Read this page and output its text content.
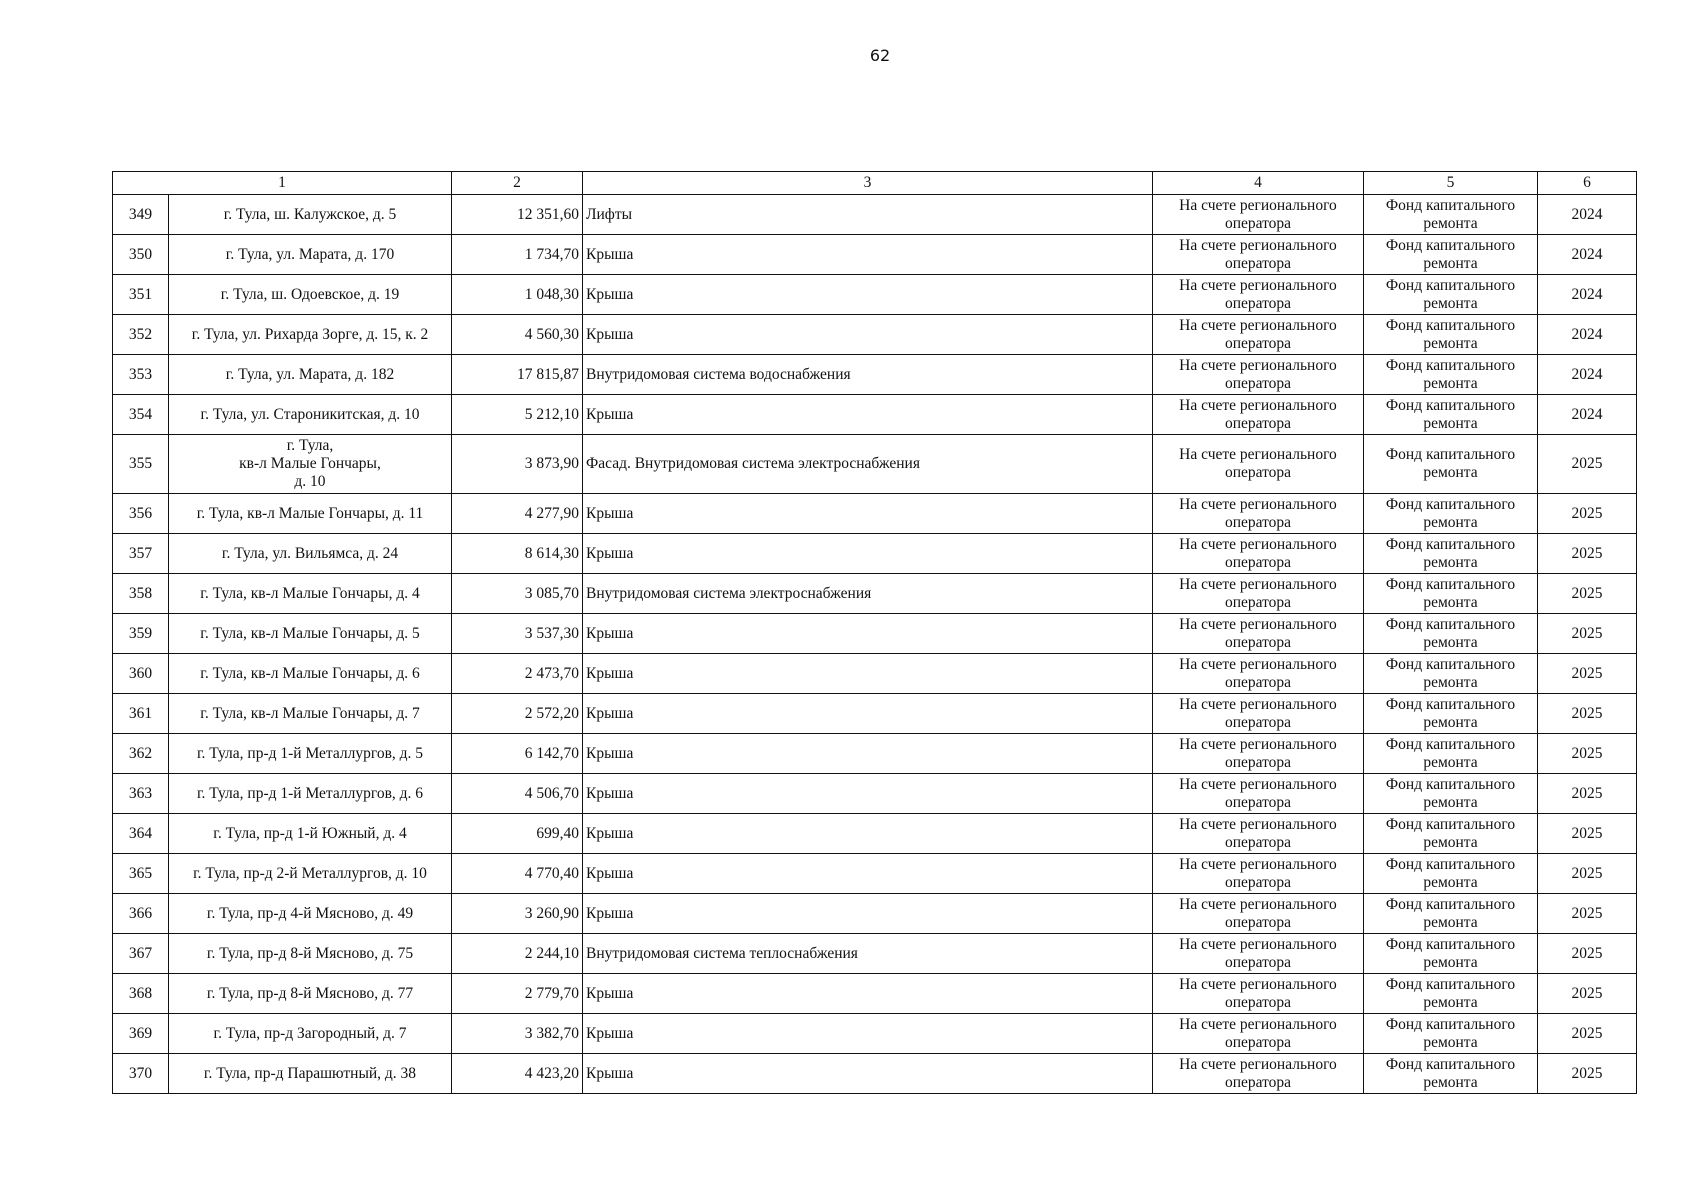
62
1		2	3	4	5	6
349	г. Тула, ш. Калужское, д. 5	12 351,60	Лифты	На счете регионального оператора	Фонд капитального ремонта	2024
350	г. Тула, ул. Марата, д. 170	1 734,70	Крыша	На счете регионального оператора	Фонд капитального ремонта	2024
351	г. Тула, ш. Одоевское, д. 19	1 048,30	Крыша	На счете регионального оператора	Фонд капитального ремонта	2024
352	г. Тула, ул. Рихарда Зорге, д. 15, к. 2	4 560,30	Крыша	На счете регионального оператора	Фонд капитального ремонта	2024
353	г. Тула, ул. Марата, д. 182	17 815,87	Внутридомовая система водоснабжения	На счете регионального оператора	Фонд капитального ремонта	2024
354	г. Тула, ул. Староникитская, д. 10	5 212,10	Крыша	На счете регионального оператора	Фонд капитального ремонта	2024
355	г. Тула,
кв-л Малые Гончары,
д. 10	3 873,90	Фасад. Внутридомовая система электроснабжения	На счете регионального оператора	Фонд капитального ремонта	2025
356	г. Тула, кв-л Малые Гончары, д. 11	4 277,90	Крыша	На счете регионального оператора	Фонд капитального ремонта	2025
357	г. Тула, ул. Вильямса, д. 24	8 614,30	Крыша	На счете регионального оператора	Фонд капитального ремонта	2025
358	г. Тула, кв-л Малые Гончары, д. 4	3 085,70	Внутридомовая система электроснабжения	На счете регионального оператора	Фонд капитального ремонта	2025
359	г. Тула, кв-л Малые Гончары, д. 5	3 537,30	Крыша	На счете регионального оператора	Фонд капитального ремонта	2025
360	г. Тула, кв-л Малые Гончары, д. 6	2 473,70	Крыша	На счете регионального оператора	Фонд капитального ремонта	2025
361	г. Тула, кв-л Малые Гончары, д. 7	2 572,20	Крыша	На счете регионального оператора	Фонд капитального ремонта	2025
362	г. Тула, пр-д 1-й Металлургов, д. 5	6 142,70	Крыша	На счете регионального оператора	Фонд капитального ремонта	2025
363	г. Тула, пр-д 1-й Металлургов, д. 6	4 506,70	Крыша	На счете регионального оператора	Фонд капитального ремонта	2025
364	г. Тула, пр-д 1-й Южный, д. 4	699,40	Крыша	На счете регионального оператора	Фонд капитального ремонта	2025
365	г. Тула, пр-д 2-й Металлургов, д. 10	4 770,40	Крыша	На счете регионального оператора	Фонд капитального ремонта	2025
366	г. Тула, пр-д 4-й Мясново, д. 49	3 260,90	Крыша	На счете регионального оператора	Фонд капитального ремонта	2025
367	г. Тула, пр-д 8-й Мясново, д. 75	2 244,10	Внутридомовая система теплоснабжения	На счете регионального оператора	Фонд капитального ремонта	2025
368	г. Тула, пр-д 8-й Мясново, д. 77	2 779,70	Крыша	На счете регионального оператора	Фонд капитального ремонта	2025
369	г. Тула, пр-д Загородный, д. 7	3 382,70	Крыша	На счете регионального оператора	Фонд капитального ремонта	2025
370	г. Тула, пр-д Парашютный, д. 38	4 423,20	Крыша	На счете регионального оператора	Фонд капитального ремонта	2025
